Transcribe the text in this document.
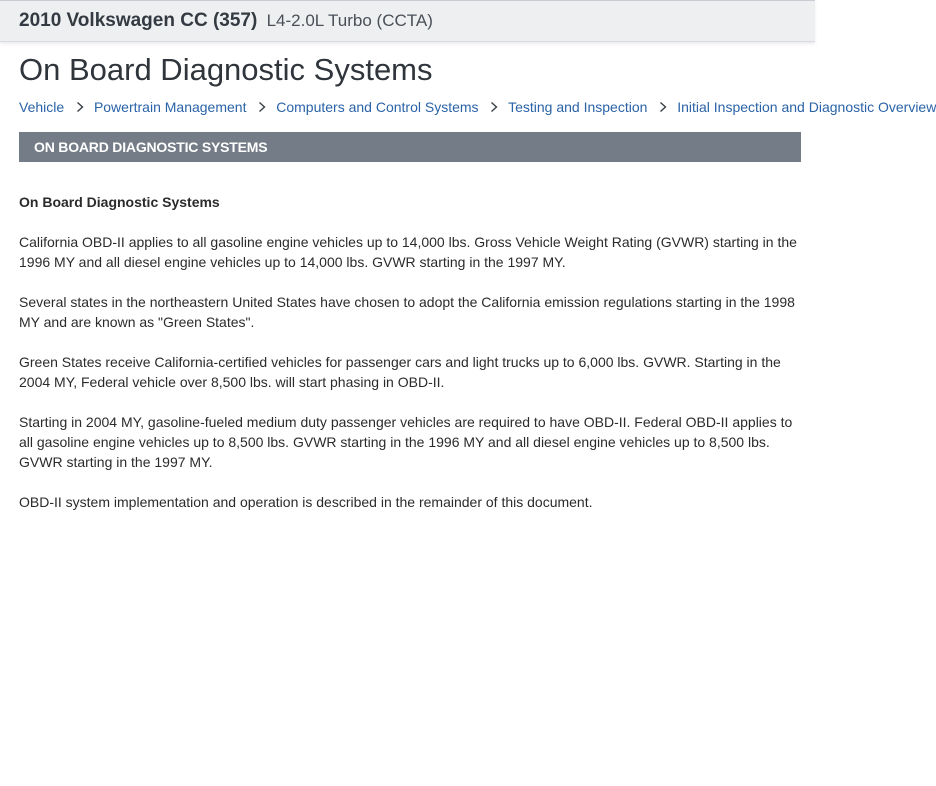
2010 Volkswagen CC (357) L4-2.0L Turbo (CCTA)
On Board Diagnostic Systems
Vehicle Powertrain Management Computers and Control Systems Testing and Inspection Initial Inspection and Diagnostic Overview
ON BOARD DIAGNOSTIC SYSTEMS

On Board Diagnostic Systems

California OBD-II applies to all gasoline engine vehicles up to 14,000 lbs. Gross Vehicle Weight Rating (GVWR) starting in the 1996 MY and all diesel engine vehicles up to 14,000 lbs. GVWR starting in the 1997 MY.

Several states in the northeastern United States have chosen to adopt the California emission regulations starting in the 1998 MY and are known as "Green States".

Green States receive California-certified vehicles for passenger cars and light trucks up to 6,000 lbs. GVWR. Starting in the 2004 MY, Federal vehicle over 8,500 lbs. will start phasing in OBD-II.

Starting in 2004 MY, gasoline-fueled medium duty passenger vehicles are required to have OBD-II. Federal OBD-II applies to all gasoline engine vehicles up to 8,500 lbs. GVWR starting in the 1996 MY and all diesel engine vehicles up to 8,500 lbs. GVWR starting in the 1997 MY.

OBD-II system implementation and operation is described in the remainder of this document.
